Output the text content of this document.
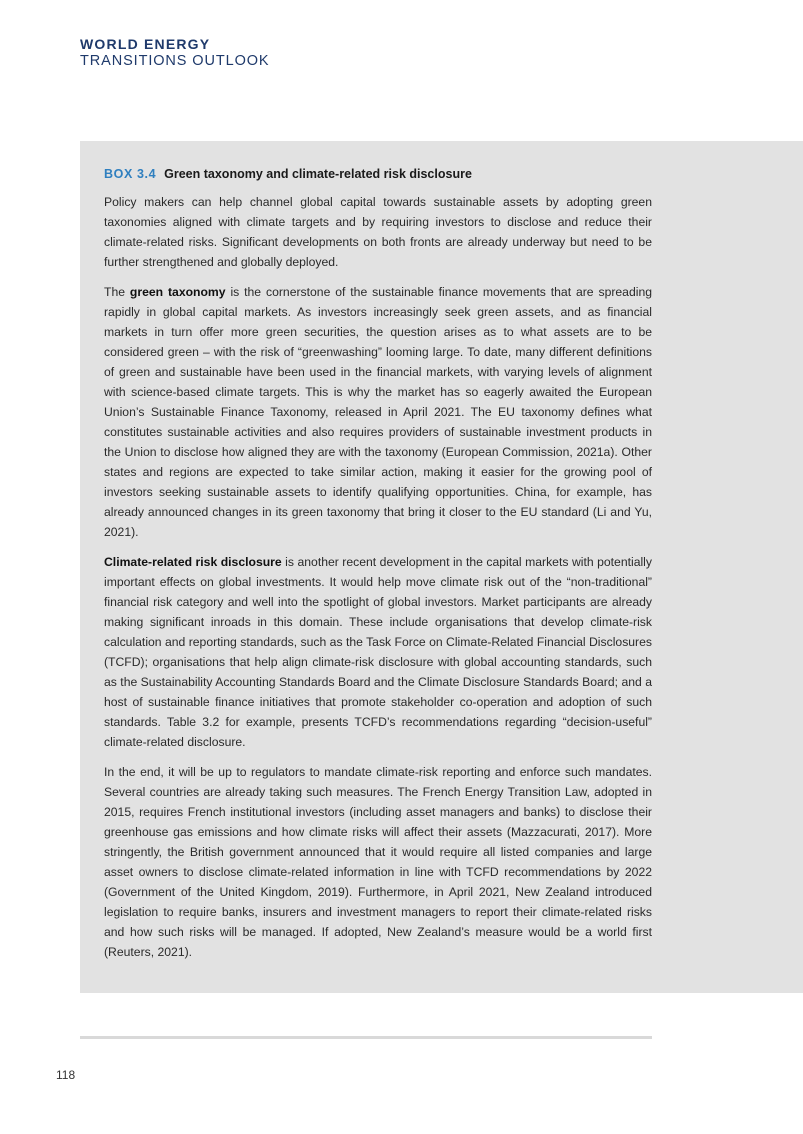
WORLD ENERGY
TRANSITIONS OUTLOOK
BOX 3.4 Green taxonomy and climate-related risk disclosure

Policy makers can help channel global capital towards sustainable assets by adopting green taxonomies aligned with climate targets and by requiring investors to disclose and reduce their climate-related risks. Significant developments on both fronts are already underway but need to be further strengthened and globally deployed.

The green taxonomy is the cornerstone of the sustainable finance movements that are spreading rapidly in global capital markets. As investors increasingly seek green assets, and as financial markets in turn offer more green securities, the question arises as to what assets are to be considered green – with the risk of “greenwashing” looming large. To date, many different definitions of green and sustainable have been used in the financial markets, with varying levels of alignment with science-based climate targets. This is why the market has so eagerly awaited the European Union’s Sustainable Finance Taxonomy, released in April 2021. The EU taxonomy defines what constitutes sustainable activities and also requires providers of sustainable investment products in the Union to disclose how aligned they are with the taxonomy (European Commission, 2021a). Other states and regions are expected to take similar action, making it easier for the growing pool of investors seeking sustainable assets to identify qualifying opportunities. China, for example, has already announced changes in its green taxonomy that bring it closer to the EU standard (Li and Yu, 2021).

Climate-related risk disclosure is another recent development in the capital markets with potentially important effects on global investments. It would help move climate risk out of the “non-traditional” financial risk category and well into the spotlight of global investors. Market participants are already making significant inroads in this domain. These include organisations that develop climate-risk calculation and reporting standards, such as the Task Force on Climate-Related Financial Disclosures (TCFD); organisations that help align climate-risk disclosure with global accounting standards, such as the Sustainability Accounting Standards Board and the Climate Disclosure Standards Board; and a host of sustainable finance initiatives that promote stakeholder co-operation and adoption of such standards. Table 3.2 for example, presents TCFD’s recommendations regarding “decision-useful” climate-related disclosure.

In the end, it will be up to regulators to mandate climate-risk reporting and enforce such mandates. Several countries are already taking such measures. The French Energy Transition Law, adopted in 2015, requires French institutional investors (including asset managers and banks) to disclose their greenhouse gas emissions and how climate risks will affect their assets (Mazzacurati, 2017). More stringently, the British government announced that it would require all listed companies and large asset owners to disclose climate-related information in line with TCFD recommendations by 2022 (Government of the United Kingdom, 2019). Furthermore, in April 2021, New Zealand introduced legislation to require banks, insurers and investment managers to report their climate-related risks and how such risks will be managed. If adopted, New Zealand’s measure would be a world first (Reuters, 2021).

118
